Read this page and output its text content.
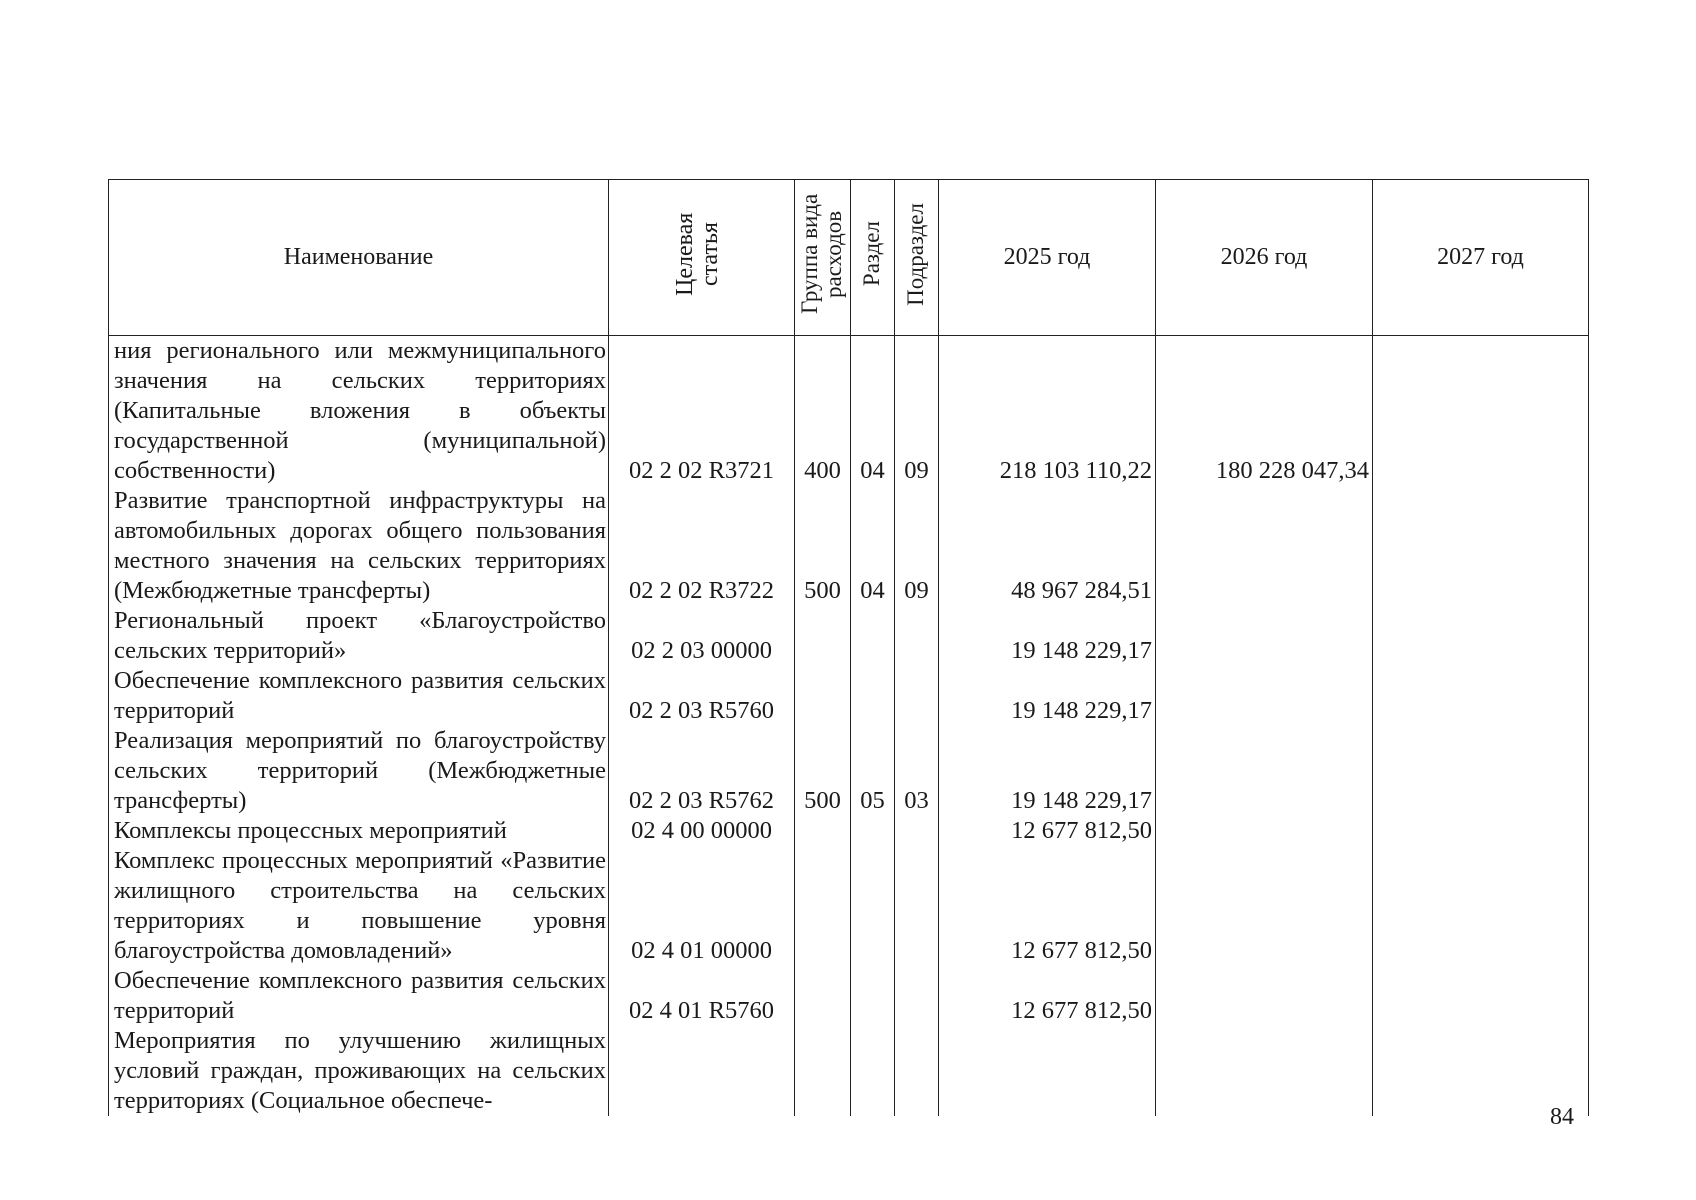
Наименование	Целевая статья	Группа вида расходов	Раздел	Подраздел	2025 год	2026 год	2027 год
ния регионального или межмуниципального значения на сельских территориях (Капитальные вложения в объекты государственной (муниципальной) собственности)	02 2 02 R3721	400	04	09	218 103 110,22	180 228 047,34	
Развитие транспортной инфраструктуры на автомобильных дорогах общего пользования местного значения на сельских территориях (Межбюджетные трансферты)	02 2 02 R3722	500	04	09	48 967 284,51		
Региональный проект «Благоустройство сельских территорий»	02 2 03 00000				19 148 229,17		
Обеспечение комплексного развития сельских территорий	02 2 03 R5760				19 148 229,17		
Реализация мероприятий по благоустройству сельских территорий (Межбюджетные трансферты)	02 2 03 R5762	500	05	03	19 148 229,17		
Комплексы процессных мероприятий	02 4 00 00000				12 677 812,50		
Комплекс процессных мероприятий «Развитие жилищного строительства на сельских территориях и повышение уровня благоустройства домовладений»	02 4 01 00000				12 677 812,50		
Обеспечение комплексного развития сельских территорий	02 4 01 R5760				12 677 812,50		
Мероприятия по улучшению жилищных условий граждан, проживающих на сельских территориях (Социальное обеспече-							
84
